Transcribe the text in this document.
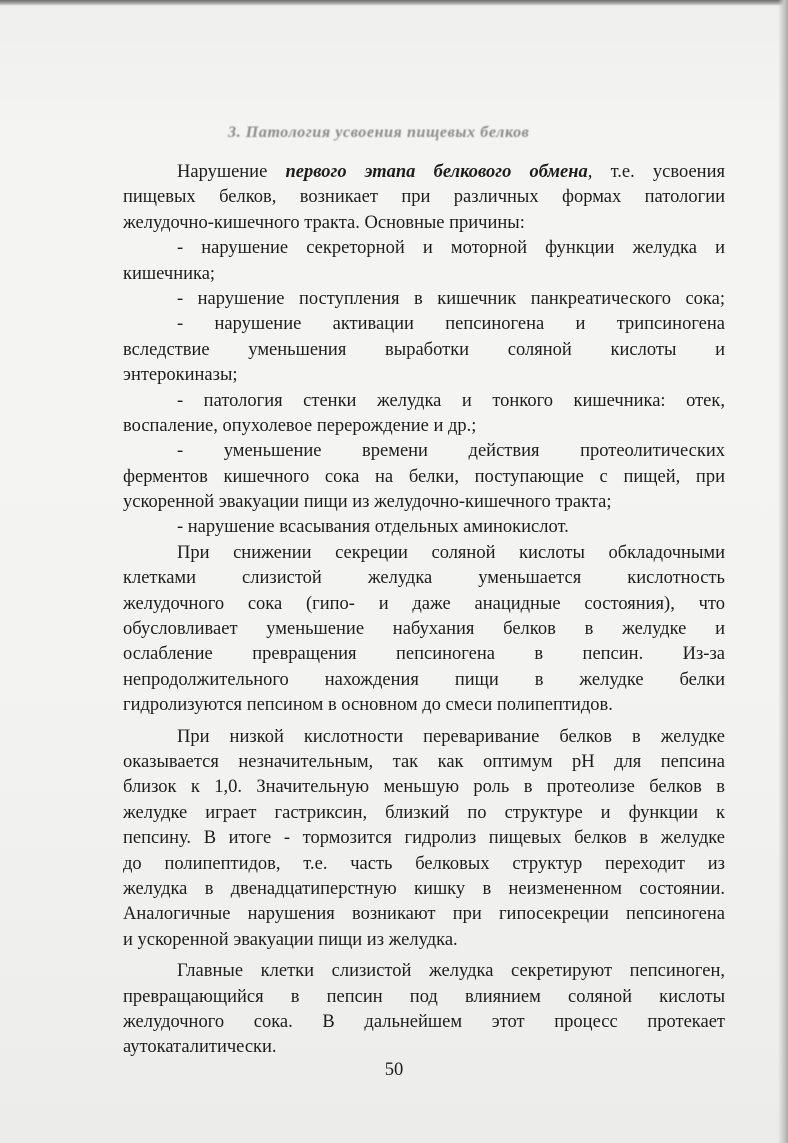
3. Патология усвоения пищевых белков
Нарушение первого этапа белкового обмена, т.е. усвоения
пищевых белков, возникает при различных формах патологии
желудочно-кишечного тракта. Основные причины:
- нарушение секреторной и моторной функции желудка и
кишечника;
- нарушение поступления в кишечник панкреатического сока;
- нарушение активации пепсиногена и трипсиногена
вследствие уменьшения выработки соляной кислоты и
энтерокиназы;
- патология стенки желудка и тонкого кишечника: отек,
воспаление, опухолевое перерождение и др.;
- уменьшение времени действия протеолитических
ферментов кишечного сока на белки, поступающие с пищей, при
ускоренной эвакуации пищи из желудочно-кишечного тракта;
- нарушение всасывания отдельных аминокислот.
При снижении секреции соляной кислоты обкладочными
клетками слизистой желудка уменьшается кислотность
желудочного сока (гипо- и даже анацидные состояния), что
обусловливает уменьшение набухания белков в желудке и
ослабление превращения пепсиногена в пепсин. Из-за
непродолжительного нахождения пищи в желудке белки
гидролизуются пепсином в основном до смеси полипептидов.
При низкой кислотности переваривание белков в желудке
оказывается незначительным, так как оптимум pH для пепсина
близок к 1,0. Значительную меньшую роль в протеолизе белков в
желудке играет гастриксин, близкий по структуре и функции к
пепсину. В итоге - тормозится гидролиз пищевых белков в желудке
до полипептидов, т.е. часть белковых структур переходит из
желудка в двенадцатиперстную кишку в неизмененном состоянии.
Аналогичные нарушения возникают при гипосекреции пепсиногена
и ускоренной эвакуации пищи из желудка.
Главные клетки слизистой желудка секретируют пепсиноген,
превращающийся в пепсин под влиянием соляной кислоты
желудочного сока. В дальнейшем этот процесс протекает
аутокаталитически.
50
